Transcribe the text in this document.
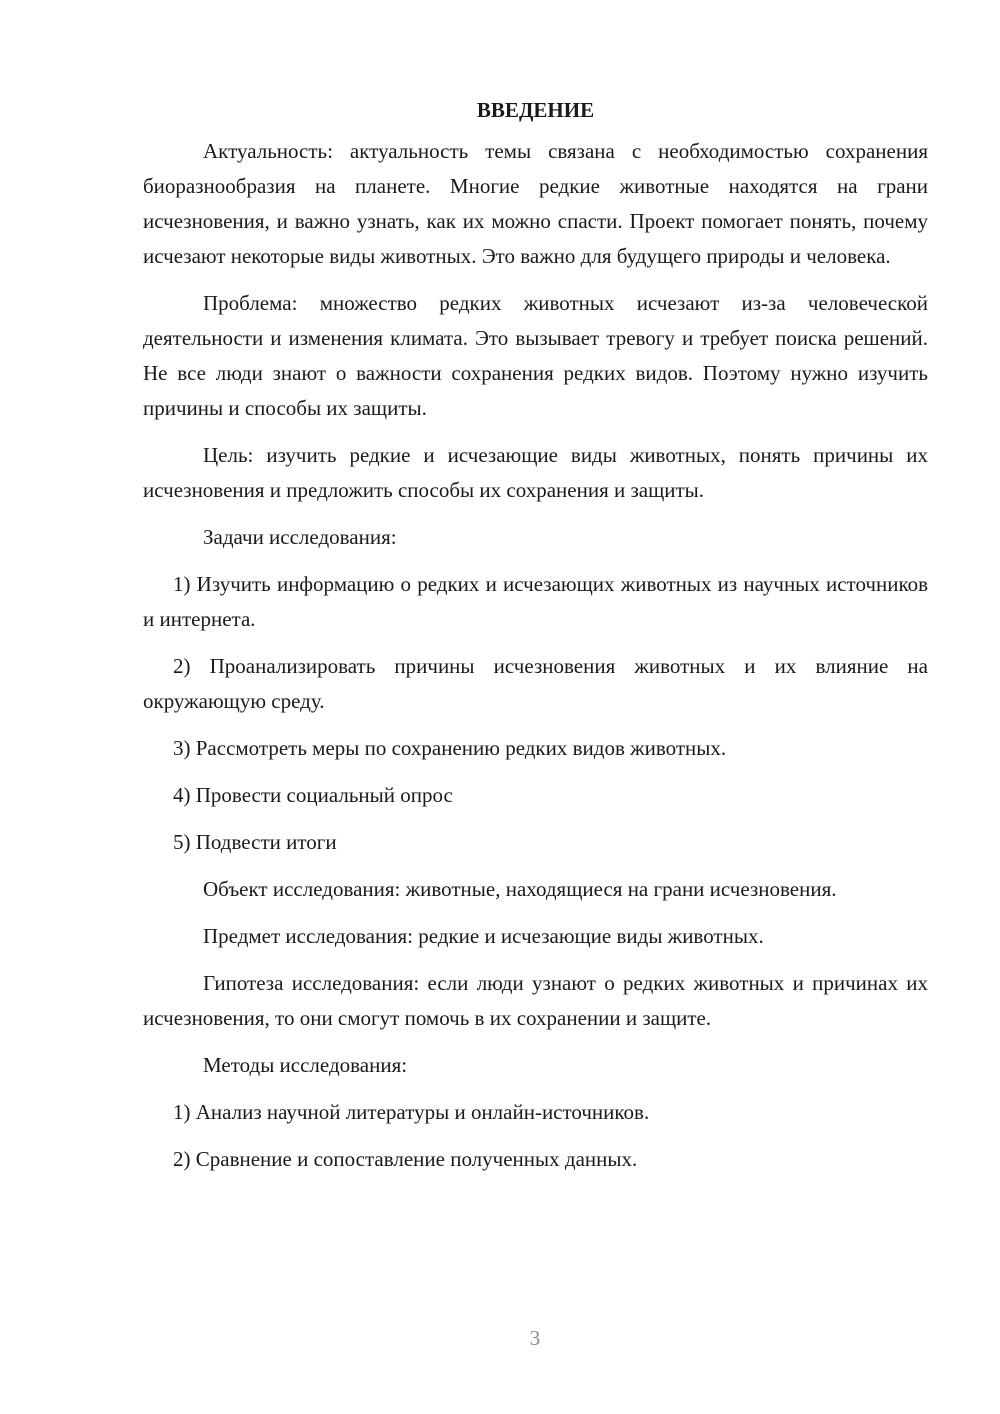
ВВЕДЕНИЕ

Актуальность: актуальность темы связана с необходимостью сохранения биоразнообразия на планете. Многие редкие животные находятся на грани исчезновения, и важно узнать, как их можно спасти. Проект помогает понять, почему исчезают некоторые виды животных. Это важно для будущего природы и человека.

Проблема: множество редких животных исчезают из-за человеческой деятельности и изменения климата. Это вызывает тревогу и требует поиска решений. Не все люди знают о важности сохранения редких видов. Поэтому нужно изучить причины и способы их защиты.

Цель: изучить редкие и исчезающие виды животных, понять причины их исчезновения и предложить способы их сохранения и защиты.

Задачи исследования:

1) Изучить информацию о редких и исчезающих животных из научных источников и интернета.

2) Проанализировать причины исчезновения животных и их влияние на окружающую среду.

3) Рассмотреть меры по сохранению редких видов животных.

4) Провести социальный опрос

5) Подвести итоги

Объект исследования: животные, находящиеся на грани исчезновения.

Предмет исследования: редкие и исчезающие виды животных.

Гипотеза исследования: если люди узнают о редких животных и причинах их исчезновения, то они смогут помочь в их сохранении и защите.

Методы исследования:

1) Анализ научной литературы и онлайн-источников.

2) Сравнение и сопоставление полученных данных.

3
